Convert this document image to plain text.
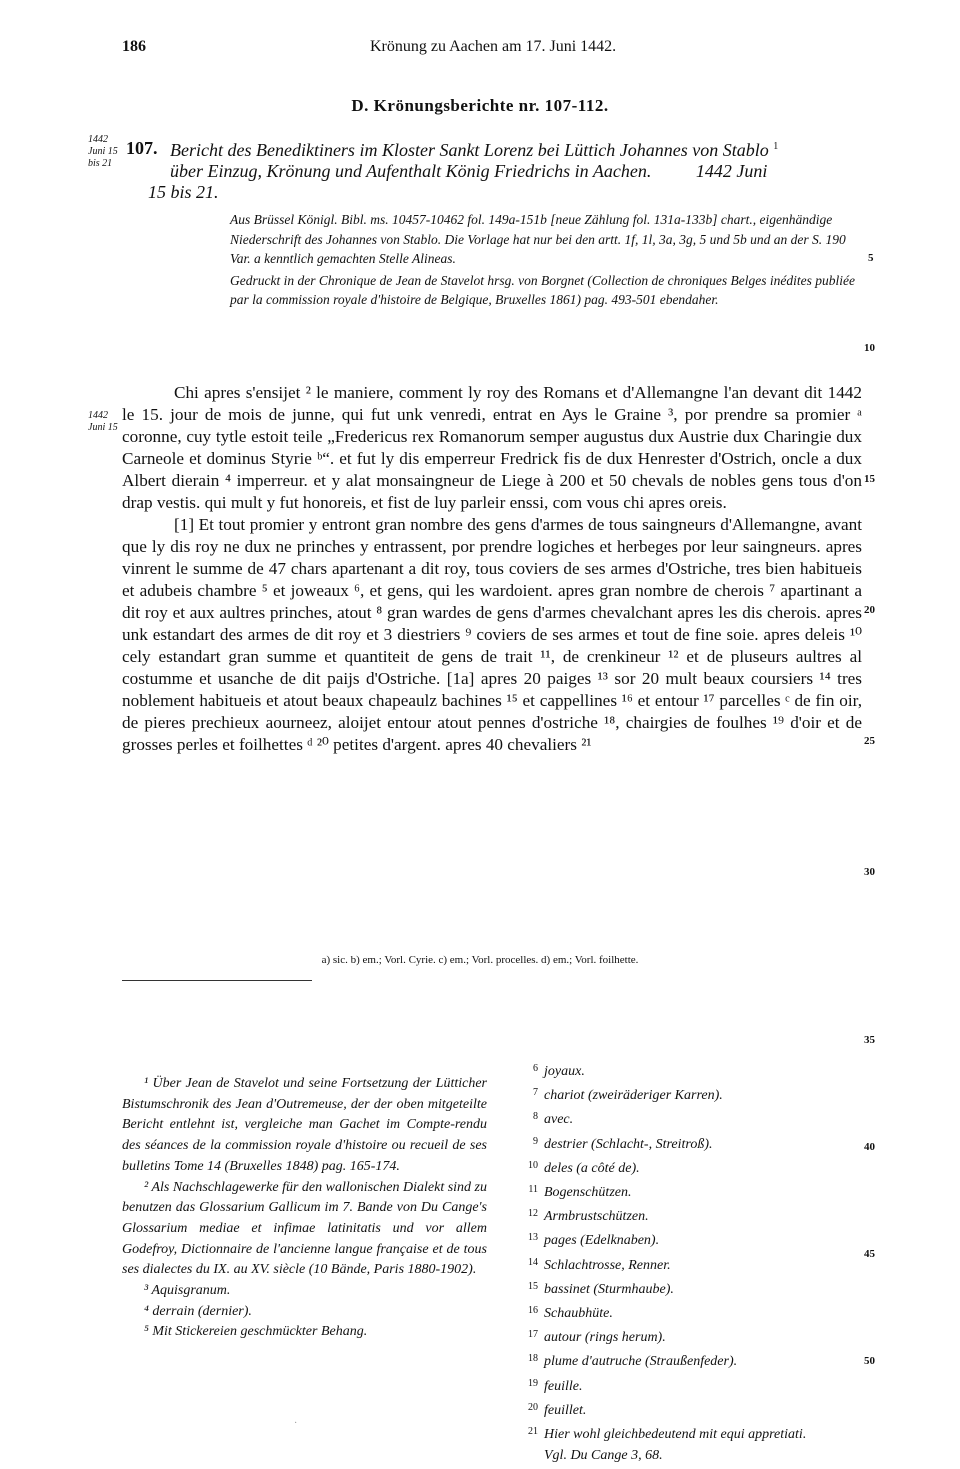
186	Krönung zu Aachen am 17. Juni 1442.
D. Krönungsberichte nr. 107-112.
1442
Juni 15
bis 21
107. Bericht des Benediktiners im Kloster Sankt Lorenz bei Lüttich Johannes von Stablo $^1$
über Einzug, Krönung und Aufenthalt König Friedrichs in Aachen. 1442 Juni
15 bis 21.

Aus Brüssel Königl. Bibl. ms. 10457-10462 fol. 149a-151b [neue Zählung fol. 131a-133b] chart., eigenhändige Niederschrift des Johannes von Stablo. Die Vorlage hat nur bei den artt. 1f, 1l, 3a, 3g, 5 und 5b und an der S. 190 Var. a kenntlich gemachten Stelle Alineas.

Gedruckt in der Chronique de Jean de Stavelot hrsg. von Borgnet (Collection de chroniques Belges inédites publiée par la commission royale d'histoire de Belgique, Bruxelles 1861) pag. 493-501 ebendaher.

5
10
15
20
25
30
35
40
45
50
1442
Juni 15

Chi apres s'ensijet ² le maniere, comment ly roy des Romans et d'Allemangne l'an devant dit 1442 le 15. jour de mois de junne, qui fut unk venredi, entrat en Ays le Graine ³, por prendre sa promier ᵃ coronne, cuy tytle estoit teile „Fredericus rex Romanorum semper augustus dux Austrie dux Charingie dux Carneole et dominus Styrie ᵇ“. et fut ly dis emperreur Fredrick fis de dux Henrester d'Ostrich, oncle a dux Albert dierain ⁴ imperreur. et y alat monsaingneur de Liege à 200 et 50 chevals de nobles gens tous d'on drap vestis. qui mult y fut honoreis, et fist de luy parleir enssi, com vous chi apres oreis.

[1] Et tout promier y entront gran nombre des gens d'armes de tous saingneurs d'Allemangne, avant que ly dis roy ne dux ne prinches y entrassent, por prendre logiches et herbeges por leur saingneurs. apres vinrent le summe de 47 chars apartenant a dit roy, tous coviers de ses armes d'Ostriche, tres bien habitueis et adubeis chambre ⁵ et joweaux ⁶, et gens, qui les wardoient. apres gran nombre de cherois ⁷ apartinant a dit roy et aux aultres prinches, atout ⁸ gran wardes de gens d'armes chevalchant apres les dis cherois. apres unk estandart des armes de dit roy et 3 diestriers ⁹ coviers de ses armes et tout de fine soie. apres deleis ¹⁰ cely estandart gran summe et quantiteit de gens de trait ¹¹, de crenkineur ¹² et de pluseurs aultres al costumme et usanche de dit paijs d'Ostriche. [1a] apres 20 paiges ¹³ sor 20 mult beaux coursiers ¹⁴ tres noblement habitueis et atout beaux chapeaulz bachines ¹⁵ et cappellines ¹⁶ et entour ¹⁷ parcelles ᶜ de fin oir, de pieres prechieux aourneez, aloijet entour atout pennes d'ostriche ¹⁸, chairgies de foulhes ¹⁹ d'oir et de grosses perles et foilhettes ᵈ ²⁰ petites d'argent. apres 40 chevaliers ²¹

a) sic. b) em.; Vorl. Cyrie. c) em.; Vorl. procelles. d) em.; Vorl. foilhette.

¹ Über Jean de Stavelot und seine Fortsetzung der Lütticher Bistumschronik des Jean d'Outremeuse, der der oben mitgeteilte Bericht entlehnt ist, vergleiche man Gachet im Compte-rendu des séances de la commission royale d'histoire ou recueil de ses bulletins Tome 14 (Bruxelles 1848) pag. 165-174.

² Als Nachschlagewerke für den wallonischen Dialekt sind zu benutzen das Glossarium Gallicum im 7. Bande von Du Cange's Glossarium mediae et infimae latinitatis und vor allem Godefroy, Dictionnaire de l'ancienne langue française et de tous ses dialectes du IX. au XV. siècle (10 Bände, Paris 1880-1902).

³ Aquisgranum.

⁴ derrain (dernier).

⁵ Mit Stickereien geschmückter Behang.

6 joyaux.
7 chariot (zweiräderiger Karren).
8 avec.
9 destrier (Schlacht-, Streitroß).
10 deles (a côté de).
11 Bogenschützen.
12 Armbrustschützen.
13 pages (Edelknaben).
14 Schlachtrosse, Renner.
15 bassinet (Sturmhaube).
16 Schaubhüte.
17 autour (rings herum).
18 plume d'autruche (Straußenfeder).
19 feuille.
20 feuillet.
21 Hier wohl gleichbedeutend mit equi appretiati.
Vgl. Du Cange 3, 68.
·
